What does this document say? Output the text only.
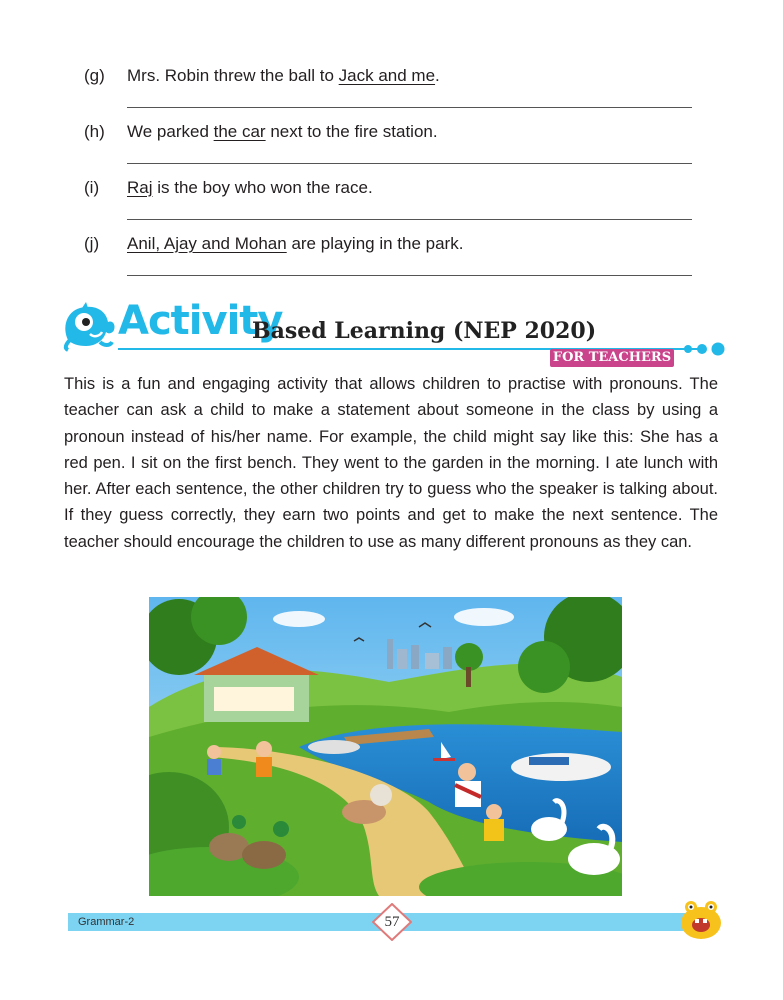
(g) Mrs. Robin threw the ball to Jack and me.
(h) We parked the car next to the fire station.
(i) Raj is the boy who won the race.
(j) Anil, Ajay and Mohan are playing in the park.
Activity
Based Learning (NEP 2020)
FOR TEACHERS

This is a fun and engaging activity that allows children to practise with pronouns. The teacher can ask a child to make a statement about someone in the class by using a pronoun instead of his/her name. For example, the child might say like this: She has a red pen. I sit on the first bench. They went to the garden in the morning. I ate lunch with her. After each sentence, the other children try to guess who the speaker is talking about. If they guess correctly, they earn two points and get to make the next sentence. The teacher should encourage the children to use as many different pronouns as they can.

Grammar-2	57
